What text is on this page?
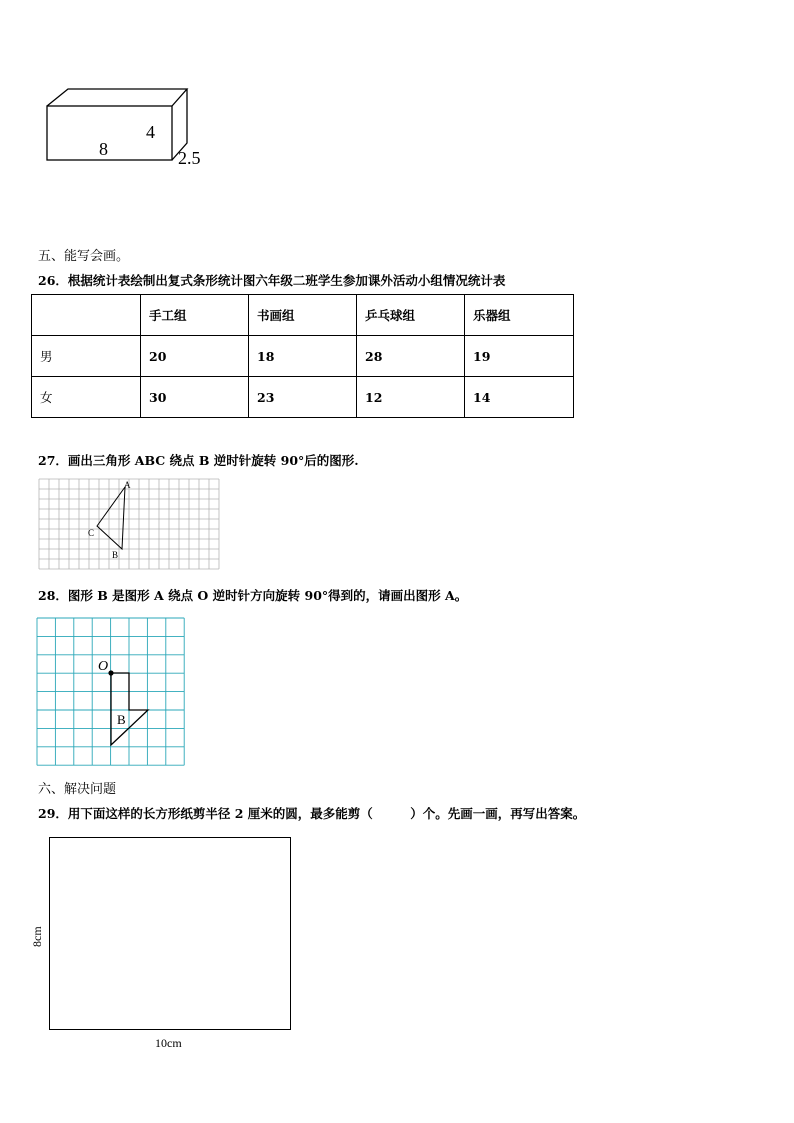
8
4
2.5
五、能写会画。
26．根据统计表绘制出复式条形统计图六年级二班学生参加课外活动小组情况统计表
	手工组	书画组	乒乓球组	乐器组
男	20	18	28	19
女	30	23	12	14
27．画出三角形 ABC 绕点 B 逆时针旋转 90°后的图形.
A
C
B
28．图形 B 是图形 A 绕点 O 逆时针方向旋转 90°得到的，请画出图形 A。
O
B
六、解决问题
29．用下面这样的长方形纸剪半径 2 厘米的圆，最多能剪（　　　）个。先画一画，再写出答案。
8cm
10cm
